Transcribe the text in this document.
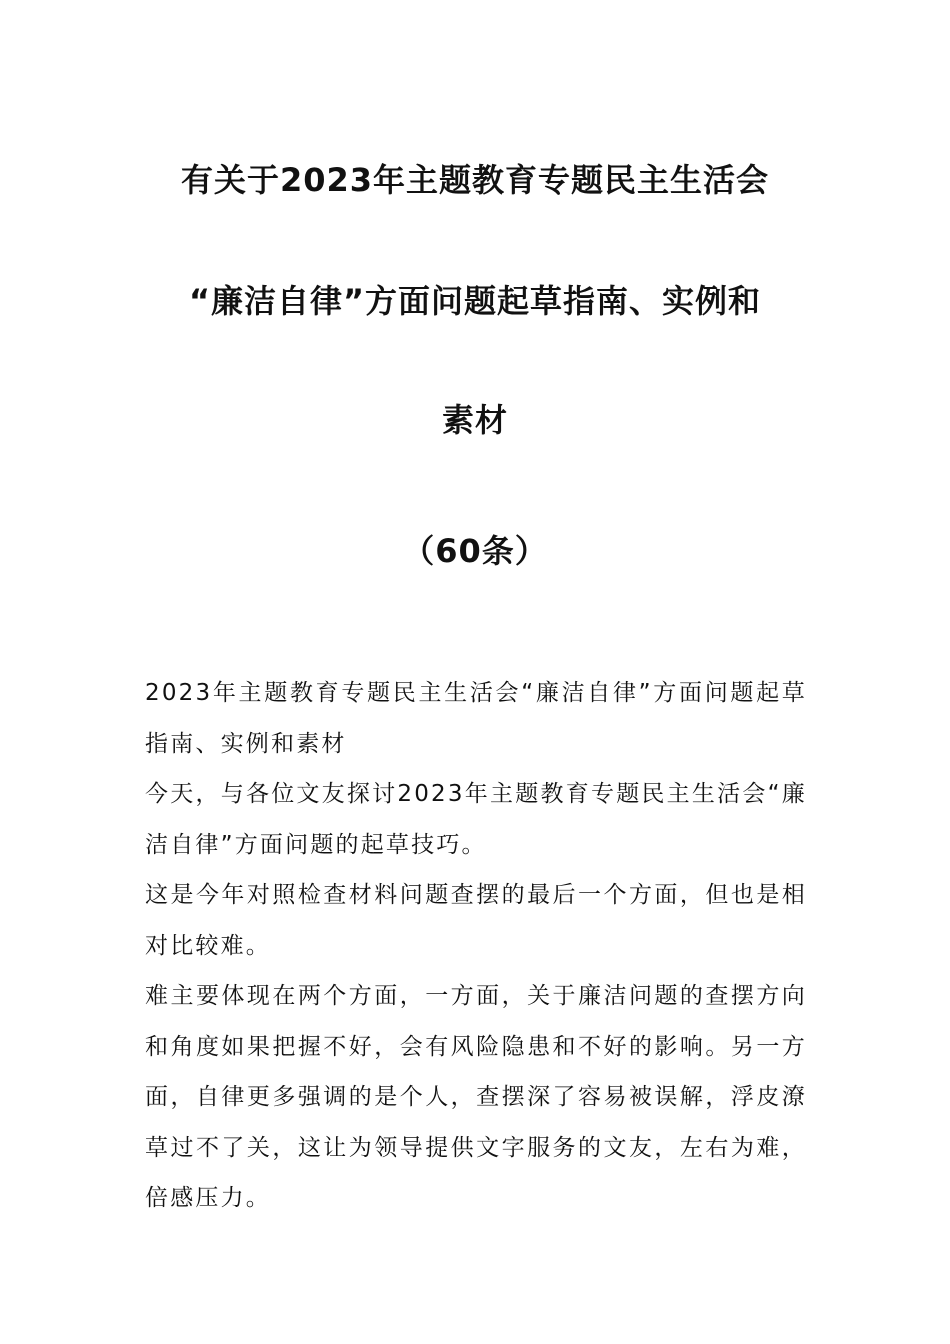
有关于2023年主题教育专题民主生活会
“廉洁自律”方面问题起草指南、实例和
素材
（60条）

2023年主题教育专题民主生活会“廉洁自律”方面问题起草指南、实例和素材

今天，与各位文友探讨2023年主题教育专题民主生活会“廉洁自律”方面问题的起草技巧。

这是今年对照检查材料问题查摆的最后一个方面，但也是相对比较难。

难主要体现在两个方面，一方面，关于廉洁问题的查摆方向和角度如果把握不好，会有风险隐患和不好的影响。另一方面，自律更多强调的是个人，查摆深了容易被误解，浮皮潦草过不了关，这让为领导提供文字服务的文友，左右为难，倍感压力。
